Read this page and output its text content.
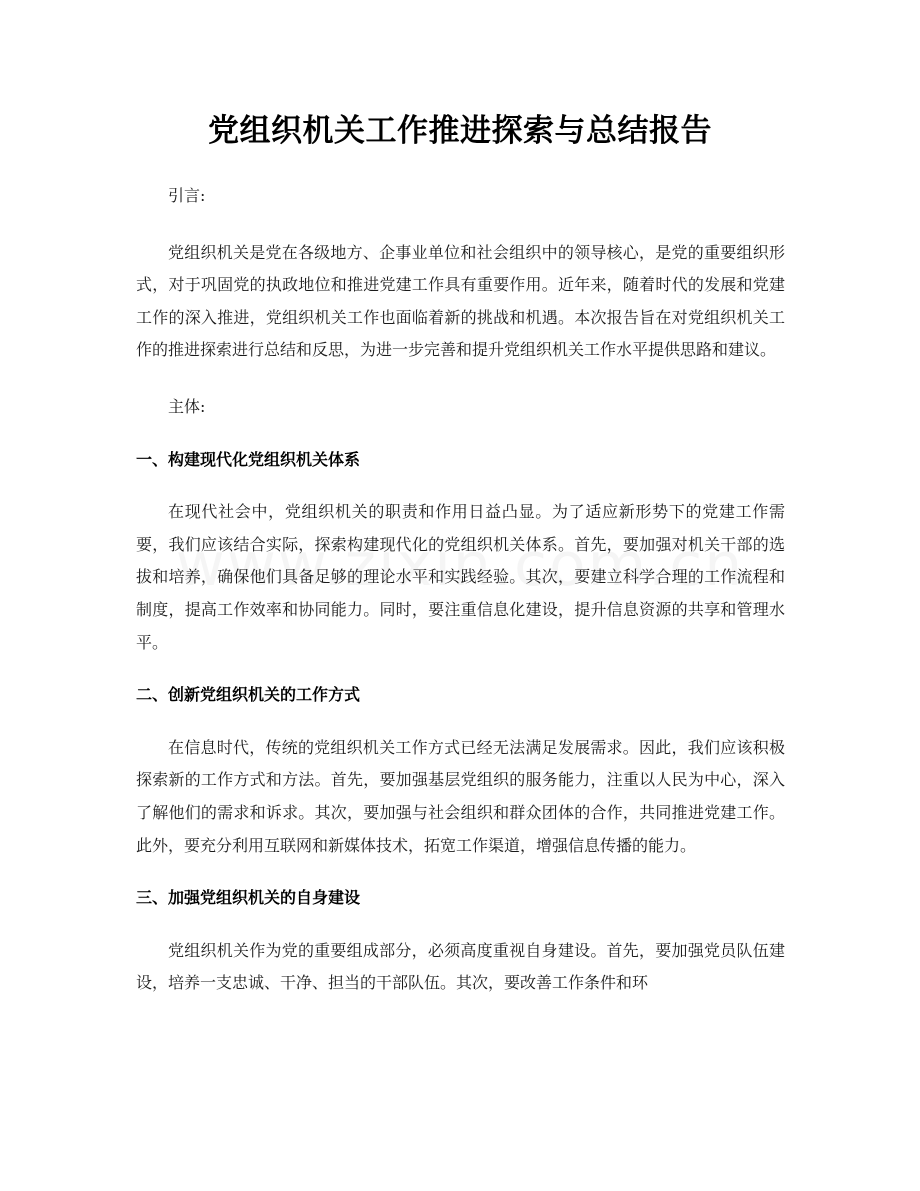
党组织机关工作推进探索与总结报告

引言:

党组织机关是党在各级地方、企事业单位和社会组织中的领导核心，是党的重要组织形式，对于巩固党的执政地位和推进党建工作具有重要作用。近年来，随着时代的发展和党建工作的深入推进，党组织机关工作也面临着新的挑战和机遇。本次报告旨在对党组织机关工作的推进探索进行总结和反思，为进一步完善和提升党组织机关工作水平提供思路和建议。

主体:

一、构建现代化党组织机关体系

在现代社会中，党组织机关的职责和作用日益凸显。为了适应新形势下的党建工作需要，我们应该结合实际，探索构建现代化的党组织机关体系。首先，要加强对机关干部的选拔和培养，确保他们具备足够的理论水平和实践经验。其次，要建立科学合理的工作流程和制度，提高工作效率和协同能力。同时，要注重信息化建设，提升信息资源的共享和管理水平。

二、创新党组织机关的工作方式

在信息时代，传统的党组织机关工作方式已经无法满足发展需求。因此，我们应该积极探索新的工作方式和方法。首先，要加强基层党组织的服务能力，注重以人民为中心，深入了解他们的需求和诉求。其次，要加强与社会组织和群众团体的合作，共同推进党建工作。此外，要充分利用互联网和新媒体技术，拓宽工作渠道，增强信息传播的能力。

三、加强党组织机关的自身建设

党组织机关作为党的重要组成部分，必须高度重视自身建设。首先，要加强党员队伍建设，培养一支忠诚、干净、担当的干部队伍。其次，要改善工作条件和环
